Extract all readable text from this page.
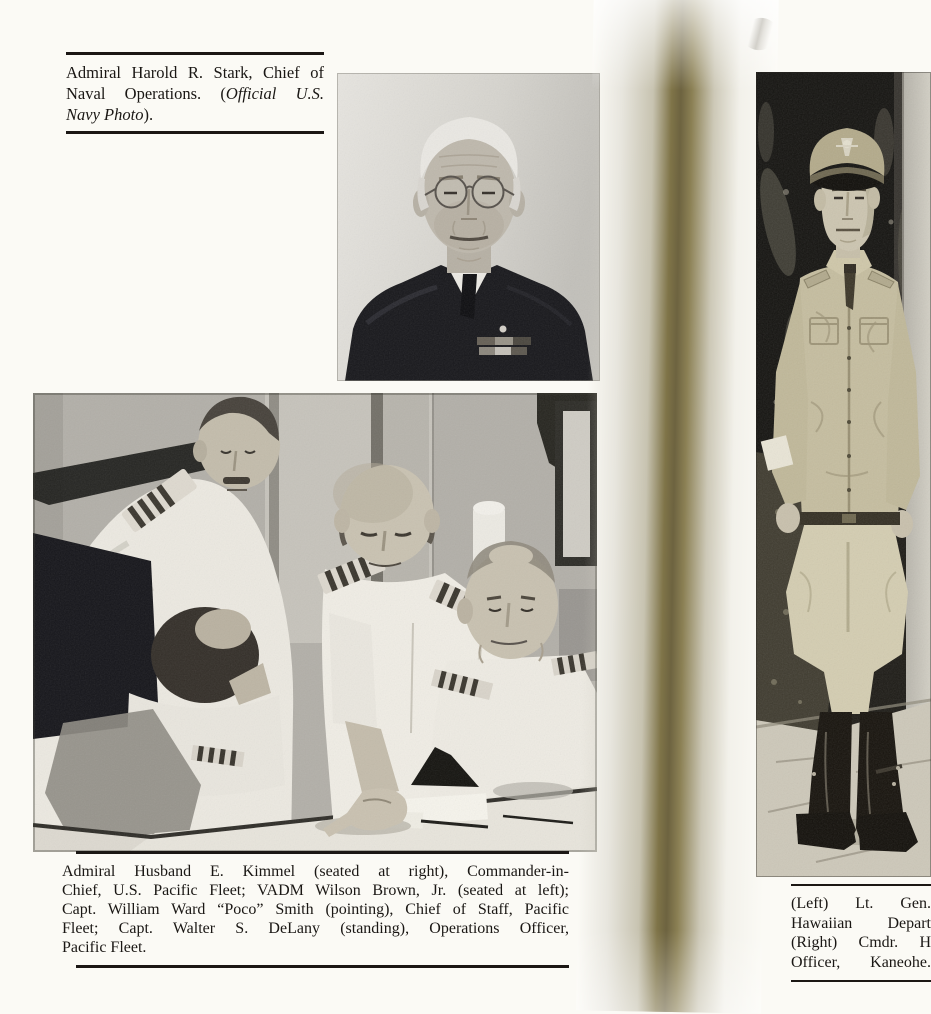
Admiral Harold R. Stark, Chief of

Naval Operations. (Official U.S.

Navy Photo).

Admiral Husband E. Kimmel (seated at right), Commander-in-

Chief, U.S. Pacific Fleet; VADM Wilson Brown, Jr. (seated at left);

Capt. William Ward “Poco” Smith (pointing), Chief of Staff, Pacific

Fleet; Capt. Walter S. DeLany (standing), Operations Officer,

Pacific Fleet.

(Left) Lt. Gen.

Hawaiian Depart

(Right) Cmdr. H

Officer, Kaneohe.
